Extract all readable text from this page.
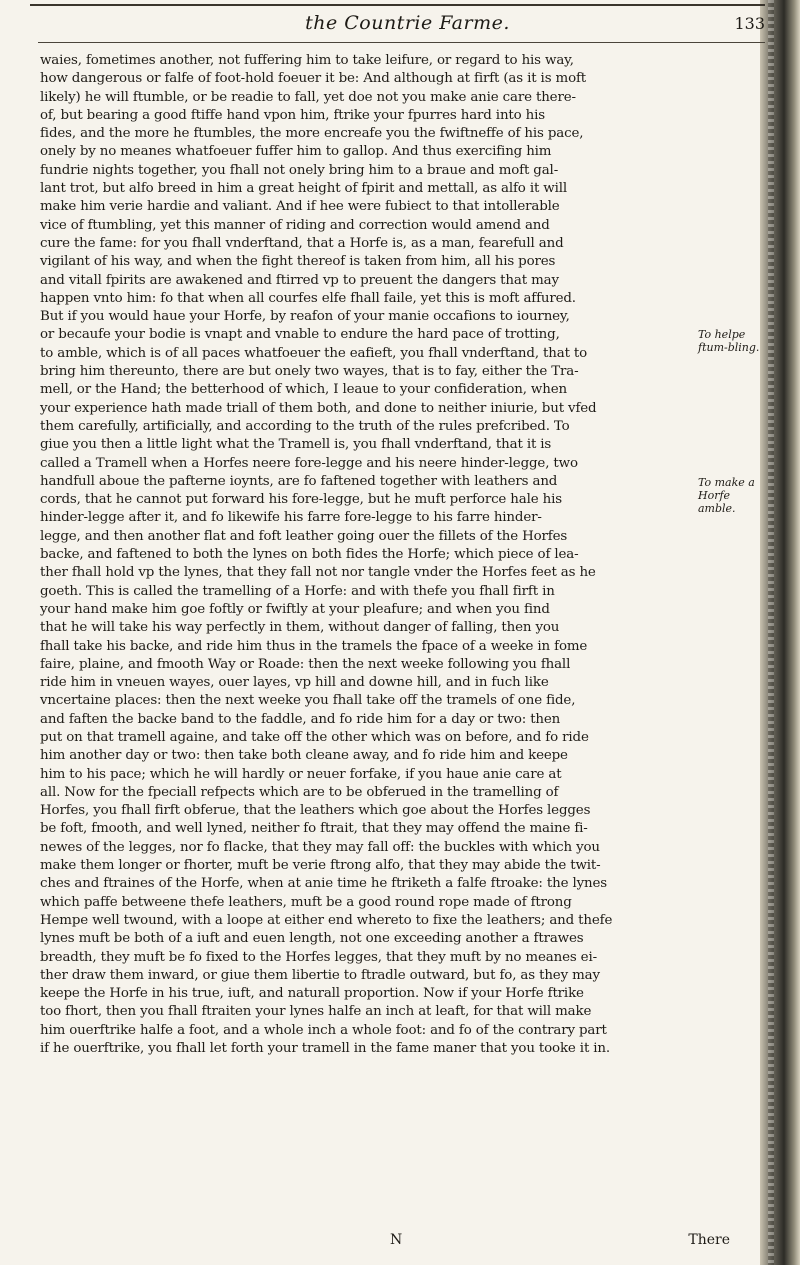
the Countrie Farme.	133
waies, fometimes another, not fuffering him to take leifure, or regard to his way,
how dangerous or falfe of foot-hold foeuer it be: And although at firft (as it is moft
likely) he will ftumble, or be readie to fall, yet doe not you make anie care there-
of, but bearing a good ftiffe hand vpon him, ftrike your fpurres hard into his
fides, and the more he ftumbles, the more encreafe you the fwiftneffe of his pace,
onely by no meanes whatfoeuer fuffer him to gallop. And thus exercifing him
fundrie nights together, you fhall not onely bring him to a braue and moft gal-
lant trot, but alfo breed in him a great height of fpirit and mettall, as alfo it will
make him verie hardie and valiant. And if hee were fubiect to that intollerable
vice of ftumbling, yet this manner of riding and correction would amend and
cure the fame: for you fhall vnderftand, that a Horfe is, as a man, fearefull and
vigilant of his way, and when the fight thereof is taken from him, all his pores
and vitall fpirits are awakened and ftirred vp to preuent the dangers that may
happen vnto him: fo that when all courfes elfe fhall faile, yet this is moft affured.
But if you would haue your Horfe, by reafon of your manie occafions to iourney,
or becaufe your bodie is vnapt and vnable to endure the hard pace of trotting,
to amble, which is of all paces whatfoeuer the eafieft, you fhall vnderftand, that to
bring him thereunto, there are but onely two wayes, that is to fay, either the Tra-
mell, or the Hand; the betterhood of which, I leaue to your confideration, when
your experience hath made triall of them both, and done to neither iniurie, but vfed
them carefully, artificially, and according to the truth of the rules prefcribed. To
giue you then a little light what the Tramell is, you fhall vnderftand, that it is
called a Tramell when a Horfes neere fore-legge and his neere hinder-legge, two
handfull aboue the pafterne ioynts, are fo faftened together with leathers and
cords, that he cannot put forward his fore-legge, but he muft perforce hale his
hinder-legge after it, and fo likewife his farre fore-legge to his farre hinder-
legge, and then another flat and foft leather going ouer the fillets of the Horfes
backe, and faftened to both the lynes on both fides the Horfe; which piece of lea-
ther fhall hold vp the lynes, that they fall not nor tangle vnder the Horfes feet as he
goeth. This is called the tramelling of a Horfe: and with thefe you fhall firft in
your hand make him goe foftly or fwiftly at your pleafure; and when you find
that he will take his way perfectly in them, without danger of falling, then you
fhall take his backe, and ride him thus in the tramels the fpace of a weeke in fome
faire, plaine, and fmooth Way or Roade: then the next weeke following you fhall
ride him in vneuen wayes, ouer layes, vp hill and downe hill, and in fuch like
vncertaine places: then the next weeke you fhall take off the tramels of one fide,
and faften the backe band to the faddle, and fo ride him for a day or two: then
put on that tramell againe, and take off the other which was on before, and fo ride
him another day or two: then take both cleane away, and fo ride him and keepe
him to his pace; which he will hardly or neuer forfake, if you haue anie care at
all. Now for the fpeciall refpects which are to be obferued in the tramelling of
Horfes, you fhall firft obferue, that the leathers which goe about the Horfes legges
be foft, fmooth, and well lyned, neither fo ftrait, that they may offend the maine fi-
newes of the legges, nor fo flacke, that they may fall off: the buckles with which you
make them longer or fhorter, muft be verie ftrong alfo, that they may abide the twit-
ches and ftraines of the Horfe, when at anie time he ftriketh a falfe ftroake: the lynes
which paffe betweene thefe leathers, muft be a good round rope made of ftrong
Hempe well twound, with a loope at either end whereto to fixe the leathers; and thefe
lynes muft be both of a iuft and euen length, not one exceeding another a ftrawes
breadth, they muft be fo fixed to the Horfes legges, that they muft by no meanes ei-
ther draw them inward, or giue them libertie to ftradle outward, but fo, as they may
keepe the Horfe in his true, iuft, and naturall proportion. Now if your Horfe ftrike
too fhort, then you fhall ftraiten your lynes halfe an inch at leaft, for that will make
him ouerftrike halfe a foot, and a whole inch a whole foot: and fo of the contrary part
if he ouerftrike, you fhall let forth your tramell in the fame maner that you tooke it in.
To helpe ftum-bling.
To make a Horfe amble.
N	There
